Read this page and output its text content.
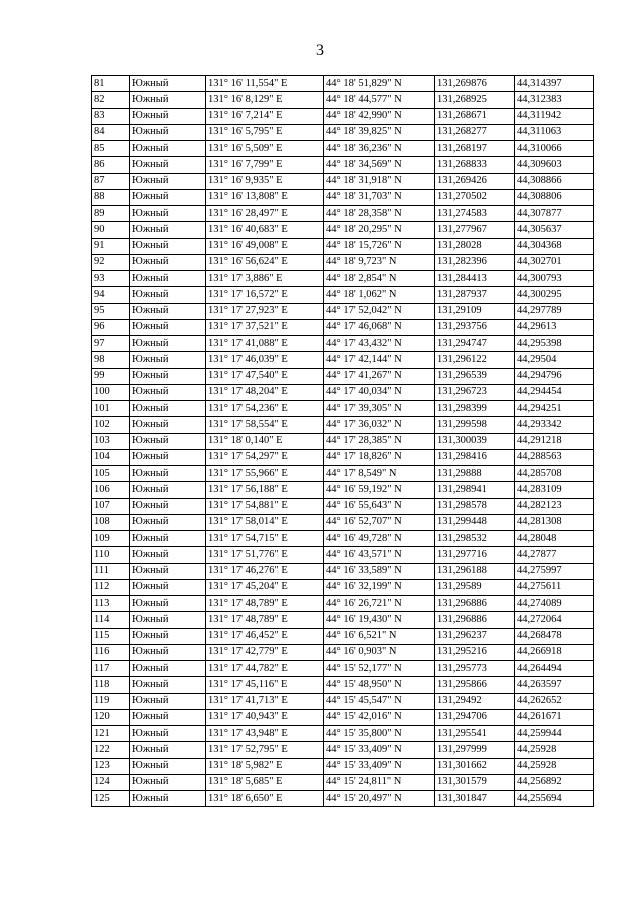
3
81	Южный	131° 16' 11,554" E	44° 18' 51,829" N	131,269876	44,314397
82	Южный	131° 16' 8,129" E	44° 18' 44,577" N	131,268925	44,312383
83	Южный	131° 16' 7,214" E	44° 18' 42,990" N	131,268671	44,311942
84	Южный	131° 16' 5,795" E	44° 18' 39,825" N	131,268277	44,311063
85	Южный	131° 16' 5,509" E	44° 18' 36,236" N	131,268197	44,310066
86	Южный	131° 16' 7,799" E	44° 18' 34,569" N	131,268833	44,309603
87	Южный	131° 16' 9,935" E	44° 18' 31,918" N	131,269426	44,308866
88	Южный	131° 16' 13,808" E	44° 18' 31,703" N	131,270502	44,308806
89	Южный	131° 16' 28,497" E	44° 18' 28,358" N	131,274583	44,307877
90	Южный	131° 16' 40,683" E	44° 18' 20,295" N	131,277967	44,305637
91	Южный	131° 16' 49,008" E	44° 18' 15,726" N	131,28028	44,304368
92	Южный	131° 16' 56,624" E	44° 18' 9,723" N	131,282396	44,302701
93	Южный	131° 17' 3,886" E	44° 18' 2,854" N	131,284413	44,300793
94	Южный	131° 17' 16,572" E	44° 18' 1,062" N	131,287937	44,300295
95	Южный	131° 17' 27,923" E	44° 17' 52,042" N	131,29109	44,297789
96	Южный	131° 17' 37,521" E	44° 17' 46,068" N	131,293756	44,29613
97	Южный	131° 17' 41,088" E	44° 17' 43,432" N	131,294747	44,295398
98	Южный	131° 17' 46,039" E	44° 17' 42,144" N	131,296122	44,29504
99	Южный	131° 17' 47,540" E	44° 17' 41,267" N	131,296539	44,294796
100	Южный	131° 17' 48,204" E	44° 17' 40,034" N	131,296723	44,294454
101	Южный	131° 17' 54,236" E	44° 17' 39,305" N	131,298399	44,294251
102	Южный	131° 17' 58,554" E	44° 17' 36,032" N	131,299598	44,293342
103	Южный	131° 18' 0,140" E	44° 17' 28,385" N	131,300039	44,291218
104	Южный	131° 17' 54,297" E	44° 17' 18,826" N	131,298416	44,288563
105	Южный	131° 17' 55,966" E	44° 17' 8,549" N	131,29888	44,285708
106	Южный	131° 17' 56,188" E	44° 16' 59,192" N	131,298941	44,283109
107	Южный	131° 17' 54,881" E	44° 16' 55,643" N	131,298578	44,282123
108	Южный	131° 17' 58,014" E	44° 16' 52,707" N	131,299448	44,281308
109	Южный	131° 17' 54,715" E	44° 16' 49,728" N	131,298532	44,28048
110	Южный	131° 17' 51,776" E	44° 16' 43,571" N	131,297716	44,27877
111	Южный	131° 17' 46,276" E	44° 16' 33,589" N	131,296188	44,275997
112	Южный	131° 17' 45,204" E	44° 16' 32,199" N	131,29589	44,275611
113	Южный	131° 17' 48,789" E	44° 16' 26,721" N	131,296886	44,274089
114	Южный	131° 17' 48,789" E	44° 16' 19,430" N	131,296886	44,272064
115	Южный	131° 17' 46,452" E	44° 16' 6,521" N	131,296237	44,268478
116	Южный	131° 17' 42,779" E	44° 16' 0,903" N	131,295216	44,266918
117	Южный	131° 17' 44,782" E	44° 15' 52,177" N	131,295773	44,264494
118	Южный	131° 17' 45,116" E	44° 15' 48,950" N	131,295866	44,263597
119	Южный	131° 17' 41,713" E	44° 15' 45,547" N	131,29492	44,262652
120	Южный	131° 17' 40,943" E	44° 15' 42,016" N	131,294706	44,261671
121	Южный	131° 17' 43,948" E	44° 15' 35,800" N	131,295541	44,259944
122	Южный	131° 17' 52,795" E	44° 15' 33,409" N	131,297999	44,25928
123	Южный	131° 18' 5,982" E	44° 15' 33,409" N	131,301662	44,25928
124	Южный	131° 18' 5,685" E	44° 15' 24,811" N	131,301579	44,256892
125	Южный	131° 18' 6,650" E	44° 15' 20,497" N	131,301847	44,255694
